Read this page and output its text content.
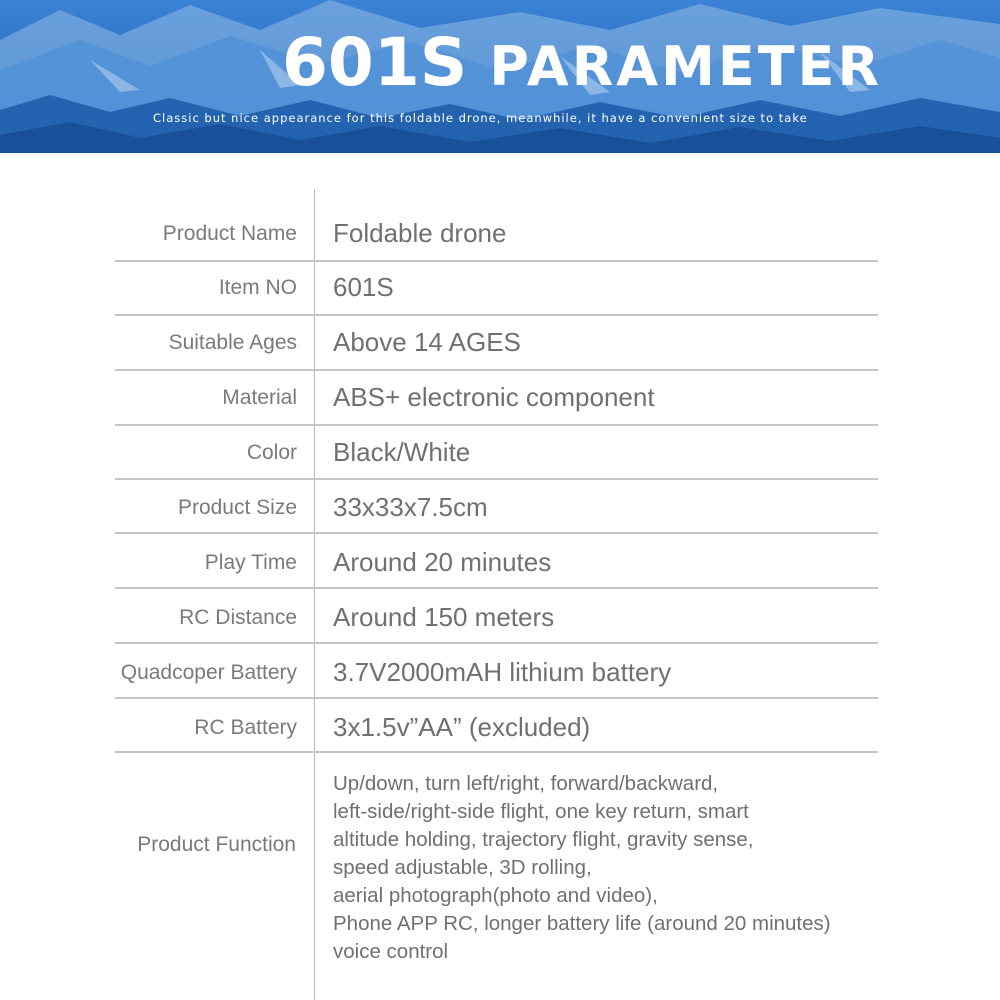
601S PARAMETER

Classic but nice appearance for this foldable drone, meanwhile, it have a convenient size to take

Product Name Foldable drone
Item NO 601S
Suitable Ages Above 14 AGES
Material ABS+ electronic component
Color Black/White
Product Size 33x33x7.5cm
Play Time Around 20 minutes
RC Distance Around 150 meters
Quadcoper Battery 3.7V2000mAH lithium battery
RC Battery 3x1.5v”AA” (excluded)
Product Function
Up/down, turn left/right, forward/backward,
left-side/right-side flight, one key return, smart
altitude holding, trajectory flight, gravity sense,
speed adjustable, 3D rolling,
aerial photograph(photo and video),
Phone APP RC, longer battery life (around 20 minutes)
voice control
